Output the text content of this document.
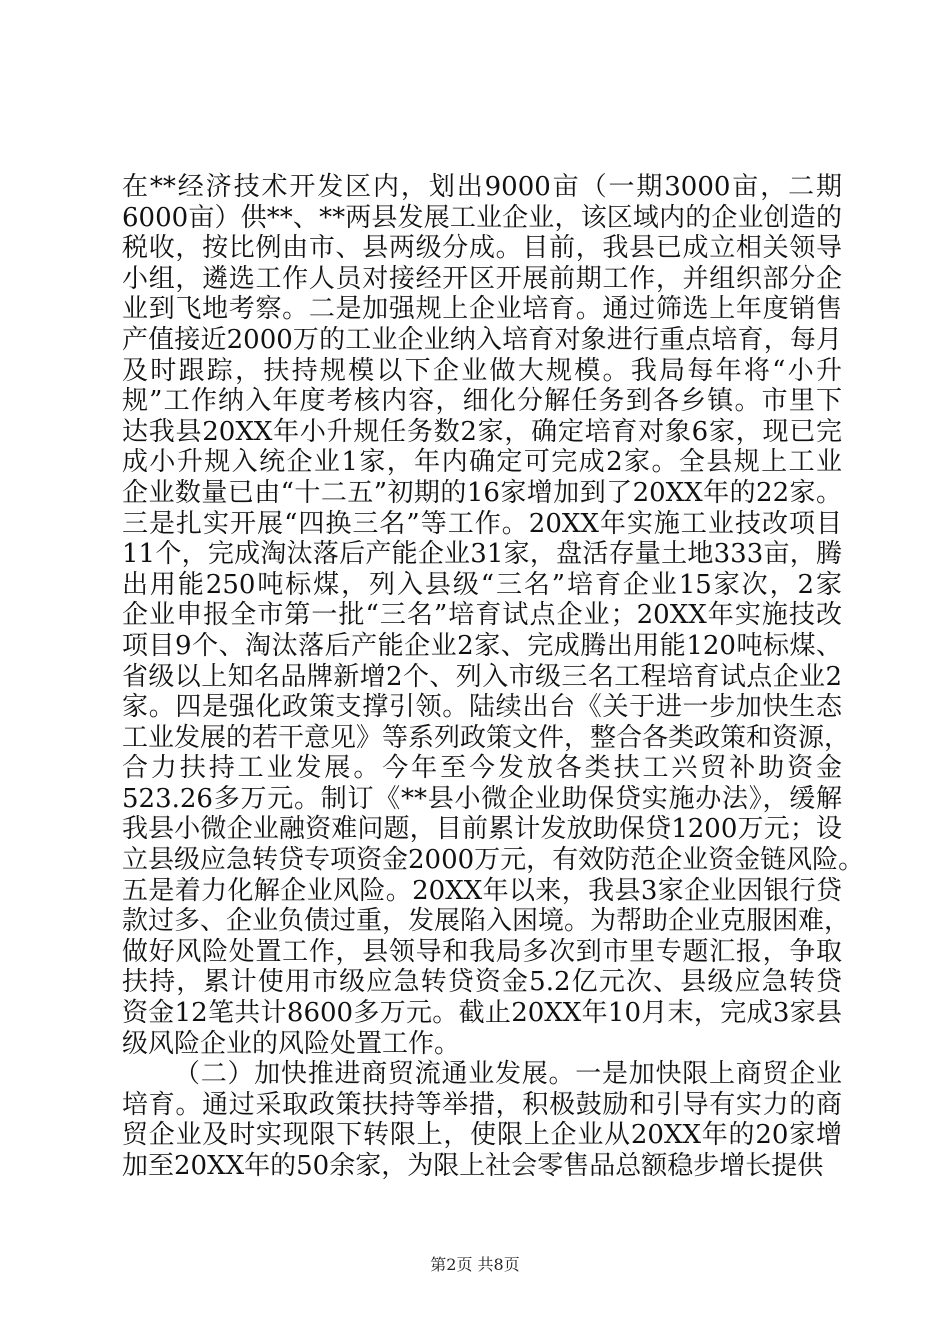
在**经济技术开发区内，划出9000亩（一期3000亩，二期
6000亩）供**、**两县发展工业企业，该区域内的企业创造的
税收，按比例由市、县两级分成。目前，我县已成立相关领导
小组，遴选工作人员对接经开区开展前期工作，并组织部分企
业到飞地考察。二是加强规上企业培育。通过筛选上年度销售
产值接近2000万的工业企业纳入培育对象进行重点培育，每月
及时跟踪，扶持规模以下企业做大规模。我局每年将“小升
规”工作纳入年度考核内容，细化分解任务到各乡镇。市里下
达我县20XX年小升规任务数2家，确定培育对象6家，现已完
成小升规入统企业1家，年内确定可完成2家。全县规上工业
企业数量已由“十二五”初期的16家增加到了20XX年的22家。
三是扎实开展“四换三名”等工作。20XX年实施工业技改项目
11个，完成淘汰落后产能企业31家，盘活存量土地333亩，腾
出用能250吨标煤，列入县级“三名”培育企业15家次，2家
企业申报全市第一批“三名”培育试点企业；20XX年实施技改
项目9个、淘汰落后产能企业2家、完成腾出用能120吨标煤、
省级以上知名品牌新增2个、列入市级三名工程培育试点企业2
家。四是强化政策支撑引领。陆续出台《关于进一步加快生态
工业发展的若干意见》等系列政策文件，整合各类政策和资源，
合力扶持工业发展。今年至今发放各类扶工兴贸补助资金
523.26多万元。制订《**县小微企业助保贷实施办法》，缓解
我县小微企业融资难问题，目前累计发放助保贷1200万元；设
立县级应急转贷专项资金2000万元，有效防范企业资金链风险。
五是着力化解企业风险。20XX年以来，我县3家企业因银行贷
款过多、企业负债过重，发展陷入困境。为帮助企业克服困难，
做好风险处置工作，县领导和我局多次到市里专题汇报，争取
扶持，累计使用市级应急转贷资金5.2亿元次、县级应急转贷
资金12笔共计8600多万元。截止20XX年10月末，完成3家县
级风险企业的风险处置工作。
（二）加快推进商贸流通业发展。一是加快限上商贸企业
培育。通过采取政策扶持等举措，积极鼓励和引导有实力的商
贸企业及时实现限下转限上，使限上企业从20XX年的20家增
加至20XX年的50余家，为限上社会零售品总额稳步增长提供
第2页 共8页
